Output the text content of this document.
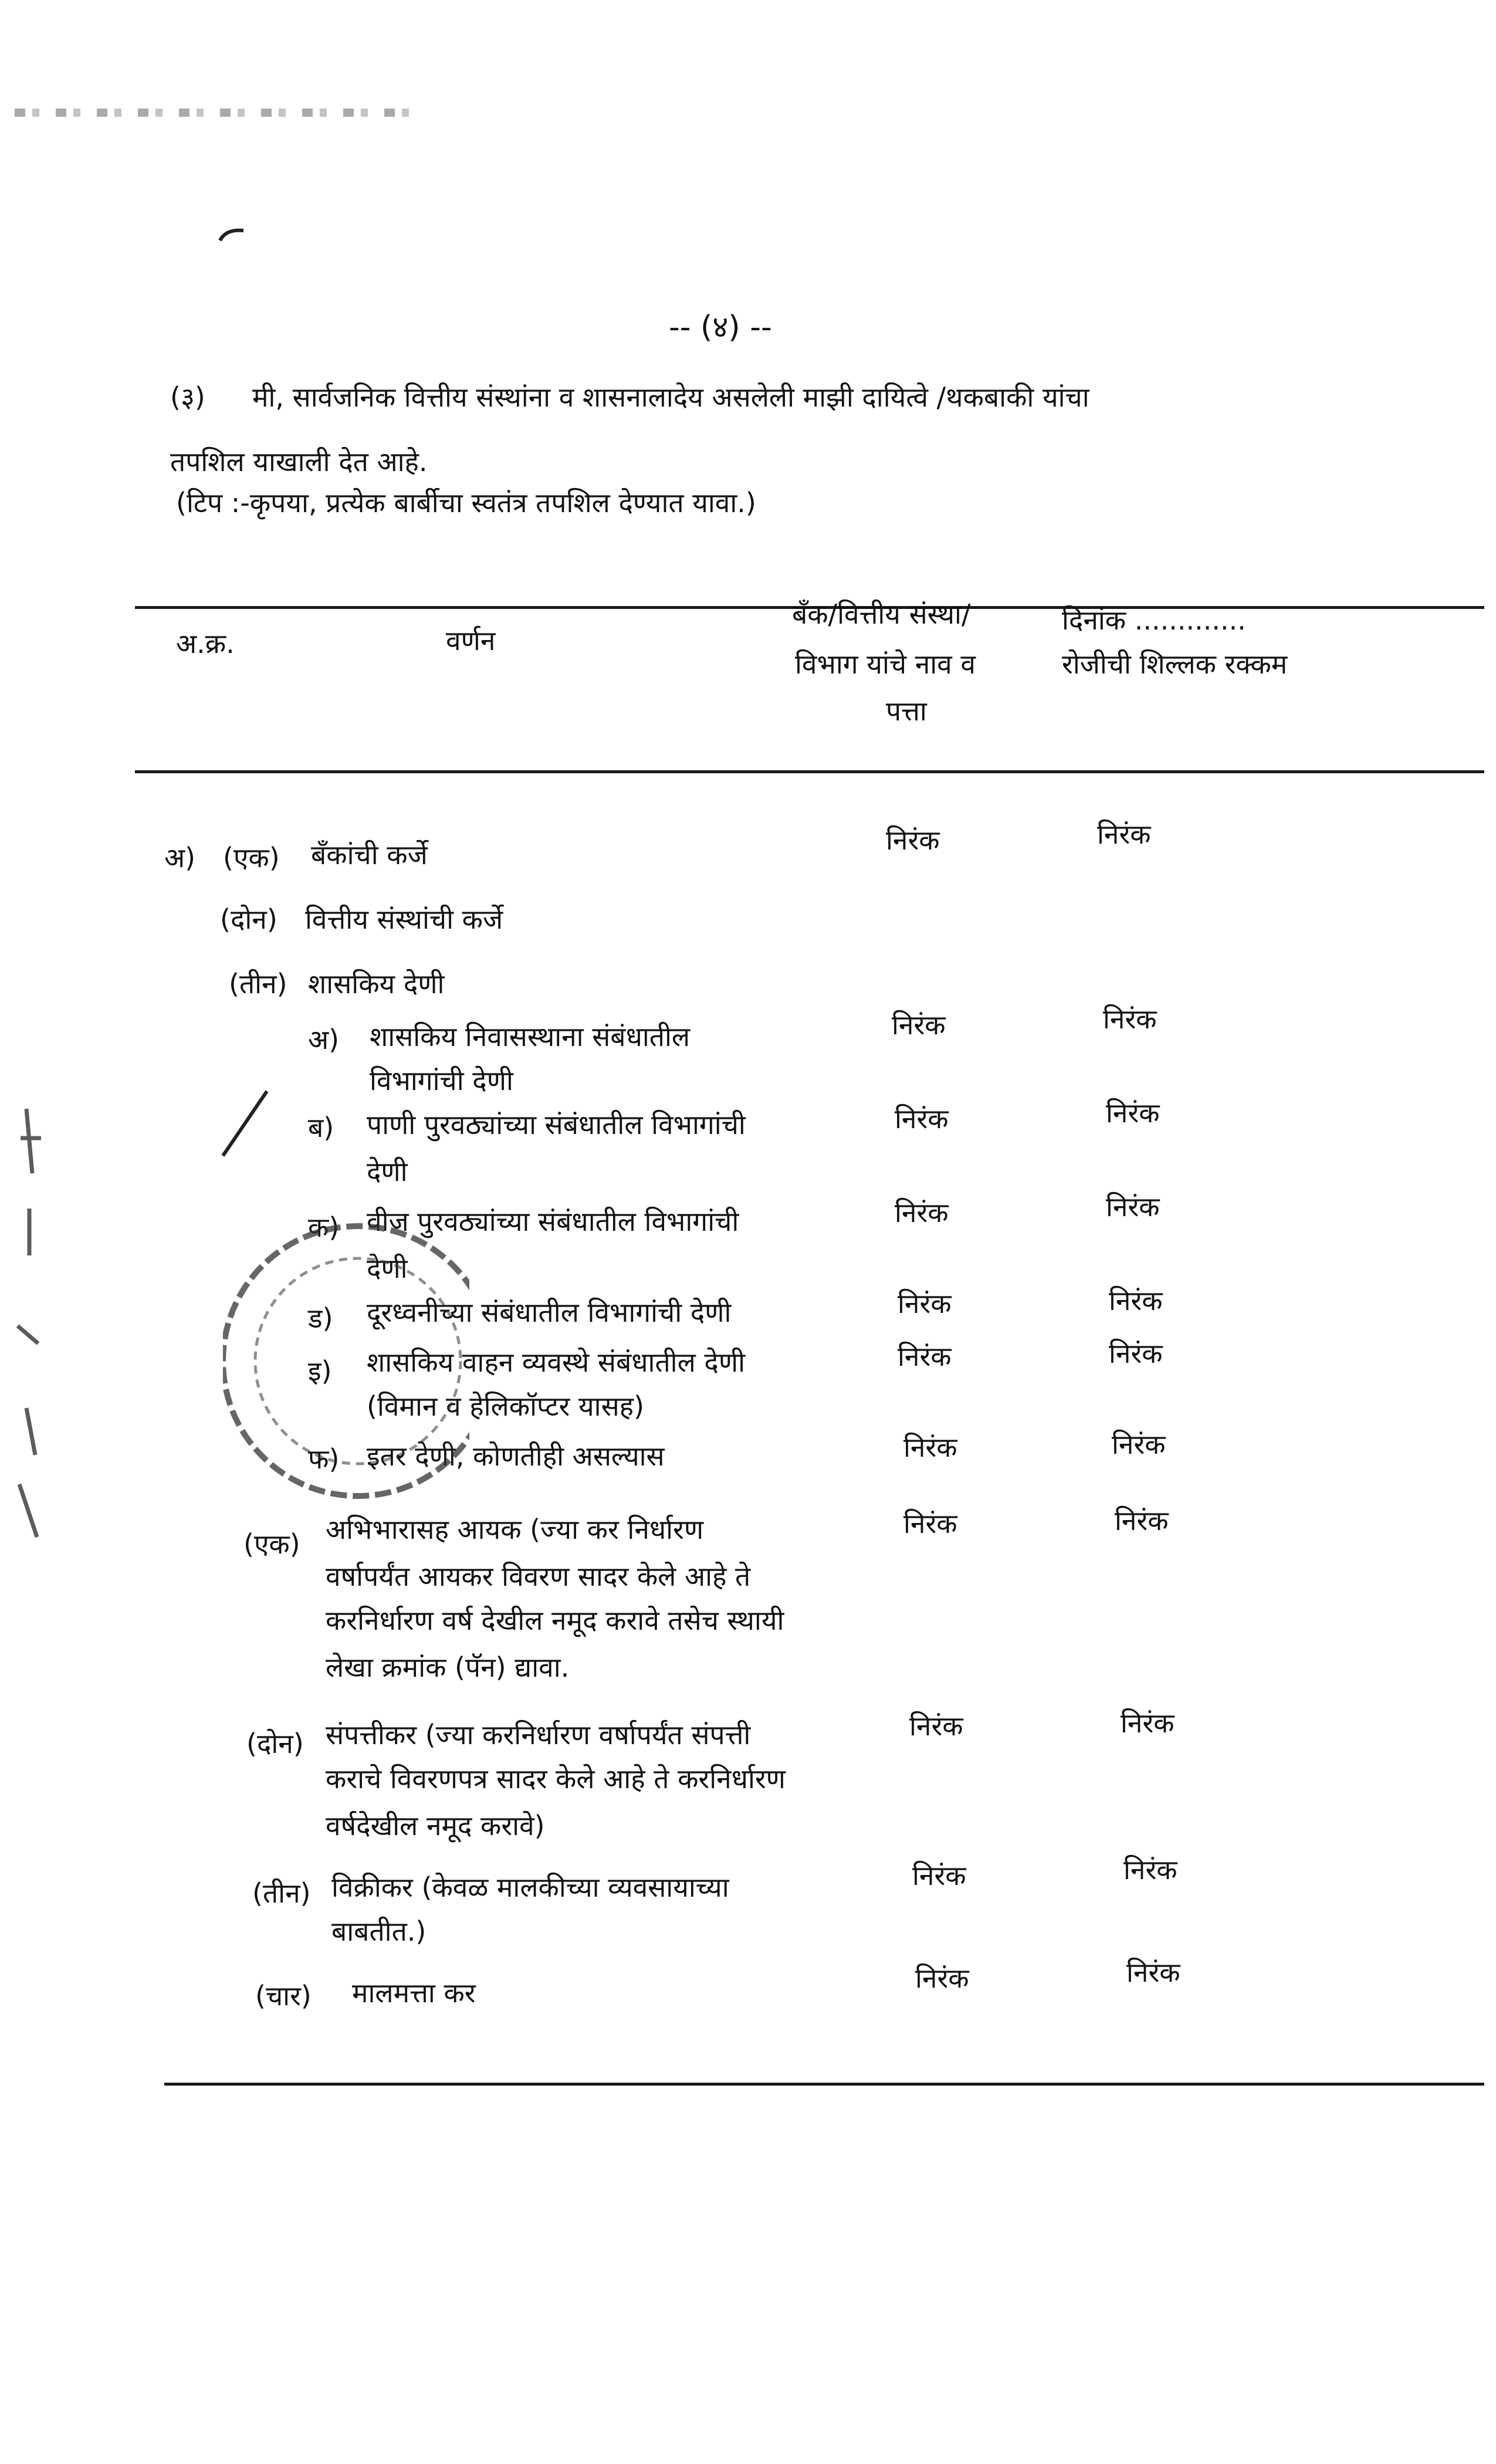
-- (४) --
(३) मी, सार्वजनिक वित्तीय संस्थांना व शासनालादेय असलेली माझी दायित्वे /थकबाकी यांचा
तपशिल याखाली देत आहे.
(टिप :-कृपया, प्रत्येक बार्बीचा स्वतंत्र तपशिल देण्यात यावा.)
अ.क्र.	वर्णन
बँक/वित्तीय संस्था/
विभाग यांचे नाव व
पत्ता
दिनांक .............
रोजीची शिल्लक रक्कम
अ) (एक) बँकांची कर्जे	निरंक	निरंक
(दोन) वित्तीय संस्थांची कर्जे
(तीन) शासकिय देणी
अ) शासकिय निवासस्थाना संबंधातील
विभागांची देणी
निरंक	निरंक
ब) पाणी पुरवठ्यांच्या संबंधातील विभागांची
देणी
निरंक	निरंक
क) वीज पुरवठ्यांच्या संबंधातील विभागांची
देणी
निरंक	निरंक
ड) दूरध्वनीच्या संबंधातील विभागांची देणी	निरंक	निरंक
इ) शासकिय वाहन व्यवस्थे संबंधातील देणी
(विमान व हेलिकॉप्टर यासह)
निरंक	निरंक
फ) इतर देणी, कोणतीही असल्यास	निरंक	निरंक
(एक) अभिभारासह आयक (ज्या कर निर्धारण
वर्षापर्यंत आयकर विवरण सादर केले आहे ते
करनिर्धारण वर्ष देखील नमूद करावे तसेच स्थायी
लेखा क्रमांक (पॅन) द्यावा.
निरंक	निरंक
(दोन) संपत्तीकर (ज्या करनिर्धारण वर्षापर्यंत संपत्ती
कराचे विवरणपत्र सादर केले आहे ते करनिर्धारण
वर्षदेखील नमूद करावे)
निरंक	निरंक
(तीन) विक्रीकर (केवळ मालकीच्या व्यवसायाच्या
बाबतीत.)
निरंक	निरंक
(चार) मालमत्ता कर	निरंक	निरंक
